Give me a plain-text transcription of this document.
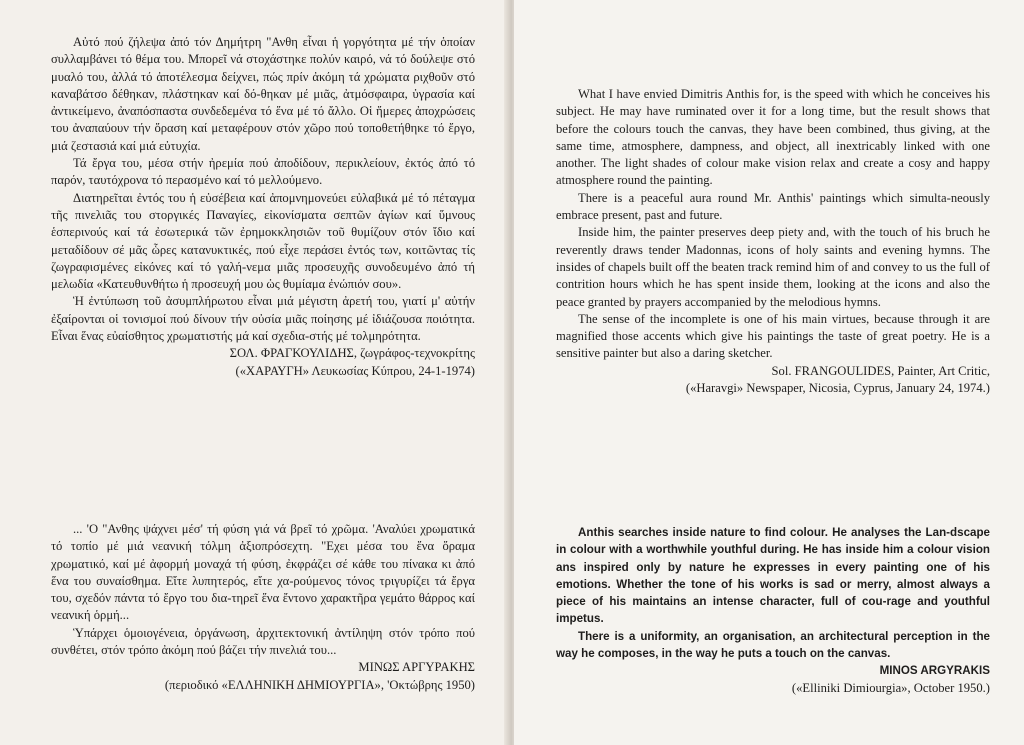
Αὐτό πού ζήλεψα ἀπό τόν Δημήτρη "Ανθη εἶναι ἡ γοργότητα μέ τήν ὁποίαν συλλαμβάνει τό θέμα του. Μπορεῖ νά στοχάστηκε πολύν καιρό, νά τό δούλεψε στό μυαλό του, ἀλλά τό ἀποτέλεσμα δείχνει, πώς πρίν ἀκόμη τά χρώματα ριχθοῦν στό καναβάτσο δέθηκαν, πλάστηκαν καί δό-θηκαν μέ μιᾶς, ἀτμόσφαιρα, ὑγρασία καί ἀντικείμενο, ἀναπόσπαστα συνδεδεμένα τό ἕνα μέ τό ἄλλο. Οἱ ἥμερες ἀποχρώσεις του ἀναπαύουν τήν ὅραση καί μεταφέρουν στόν χῶρο πού τοποθετήθηκε τό ἔργο, μιά ζεστασιά καί μιά εὐτυχία.

Τά ἔργα του, μέσα στήν ἠρεμία πού ἀποδίδουν, περικλείουν, ἐκτός ἀπό τό παρόν, ταυτόχρονα τό περασμένο καί τό μελλούμενο.

Διατηρεῖται ἐντός του ἡ εὐσέβεια καί ἀπομνημονεύει εὐλαβικά μέ τό πέταγμα τῆς πινελιᾶς του στοργικές Παναγίες, εἰκονίσματα σεπτῶν ἁγίων καί ὕμνους ἑσπερινούς καί τά ἐσωτερικά τῶν ἐρημοκκλησιῶν τοῦ θυμίζουν στόν ἴδιο καί μεταδίδουν σέ μᾶς ὧρες κατανυκτικές, πού εἶχε περάσει ἐντός των, κοιτῶντας τίς ζωγραφισμένες εἰκόνες καί τό γαλή-νεμα μιᾶς προσευχῆς συνοδευμένο ἀπό τή μελωδία «Κατευθυνθήτω ἡ προσευχή μου ὡς θυμίαμα ἐνώπιόν σου».

Ἡ ἐντύπωση τοῦ ἀσυμπλήρωτου εἶναι μιά μέγιστη ἀρετή του, γιατί μ' αὐτήν ἐξαίρονται οἱ τονισμοί πού δίνουν τήν οὐσία μιᾶς ποίησης μέ ἰδιάζουσα ποιότητα. Εἶναι ἕνας εὐαίσθητος χρωματιστής μά καί σχεδια-στής μέ τολμηρότητα.

ΣΟΛ. ΦΡΑΓΚΟΥΛΙΔΗΣ, ζωγράφος-τεχνοκρίτης
(«ΧΑΡΑΥΓΗ» Λευκωσίας Κύπρου, 24-1-1974)

... 'Ο "Ανθης ψάχνει μέσ' τή φύση γιά νά βρεῖ τό χρῶμα. 'Αναλύει χρωματικά τό τοπίο μέ μιά νεανική τόλμη ἀξιοπρόσεχτη. "Εχει μέσα του ἕνα ὅραμα χρωματικό, καί μέ ἀφορμή μοναχά τή φύση, ἐκφράζει σέ κάθε του πίνακα κι ἀπό ἕνα του συναίσθημα. Εἴτε λυπητερός, εἴτε χα-ρούμενος τόνος τριγυρίζει τά ἔργα του, σχεδόν πάντα τό ἔργο του δια-τηρεῖ ἕνα ἔντονο χαρακτῆρα γεμάτο θάρρος καί νεανική ὁρμή...

Ὑπάρχει ὁμοιογένεια, ὀργάνωση, ἀρχιτεκτονική ἀντίληψη στόν τρόπο πού συνθέτει, στόν τρόπο ἀκόμη πού βάζει τήν πινελιά του...

ΜΙΝΩΣ ΑΡΓΥΡΑΚΗΣ
(περιοδικό «ΕΛΛΗΝΙΚΗ ΔΗΜΙΟΥΡΓΙΑ», 'Οκτώβρης 1950)

What I have envied Dimitris Anthis for, is the speed with which he conceives his subject. He may have ruminated over it for a long time, but the result shows that before the colours touch the canvas, they have been combined, thus giving, at the same time, atmosphere, dampness, and object, all inextricably linked with one another. The light shades of colour make vision relax and create a cosy and happy atmosphere round the painting.

There is a peaceful aura round Mr. Anthis' paintings which simulta-neously embrace present, past and future.

Inside him, the painter preserves deep piety and, with the touch of his bruch he reverently draws tender Madonnas, icons of holy saints and evening hymns. The insides of chapels built off the beaten track remind him of and convey to us the full of contrition hours which he has spent inside them, looking at the icons and also the peace granted by prayers accompanied by the melodious hymns.

The sense of the incomplete is one of his main virtues, because through it are magnified those accents which give his paintings the taste of great poetry. He is a sensitive painter but also a daring sketcher.

Sol. FRANGOULIDES, Painter, Art Critic,
(«Haravgi» Newspaper, Nicosia, Cyprus, January 24, 1974.)

Anthis searches inside nature to find colour. He analyses the Lan-dscape in colour with a worthwhile youthful during. He has inside him a colour vision ans inspired only by nature he expresses in every painting one of his emotions. Whether the tone of his works is sad or merry, almost always a piece of his maintains an intense character, full of cou-rage and youthful impetus.

There is a uniformity, an organisation, an architectural perception in the way he composes, in the way he puts a touch on the canvas.

MINOS ARGYRAKIS
(«Elliniki Dimiourgia», October 1950.)
